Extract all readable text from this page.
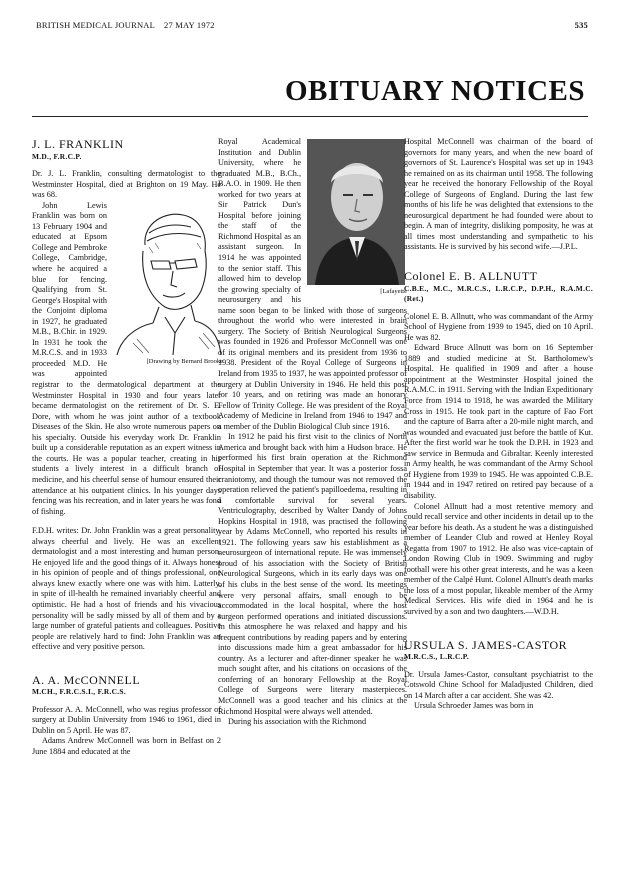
BRITISH MEDICAL JOURNAL    27 MAY 1972	535
OBITUARY NOTICES
J. L. FRANKLIN
M.D., F.R.C.P.

Dr. J. L. Franklin, consulting dermatologist to the Westminster Hospital, died at Brighton on 19 May. He was 68.

[Drawing by Bernard Brooke

John Lewis Franklin was born on 13 February 1904 and educated at Epsom College and Pembroke College, Cambridge, where he acquired a blue for fencing. Qualifying from St. George's Hospital with the Conjoint diploma in 1927, he graduated M.B., B.Chir. in 1929. In 1931 he took the M.R.C.S. and in 1933 proceeded M.D. He was appointed registrar to the dermatological department at the Westminster Hospital in 1930 and four years later became dermatologist on the retirement of Dr. S. E. Dore, with whom he was joint author of a textbook Diseases of the Skin. He also wrote numerous papers on his specialty. Outside his everyday work Dr. Franklin built up a considerable reputation as an expert witness in the courts. He was a popular teacher, creating in his students a lively interest in a difficult branch of medicine, and his cheerful sense of humour ensured their attendance at his outpatient clinics. In his younger days fencing was his recreation, and in later years he was fond of fishing.

F.D.H. writes: Dr. John Franklin was a great personality, always cheerful and lively. He was an excellent dermatologist and a most interesting and human person. He enjoyed life and the good things of it. Always honest in his opinion of people and of things professional, one always knew exactly where one was with him. Latterly, in spite of ill-health he remained invariably cheerful and optimistic. He had a host of friends and his vivacious personality will be sadly missed by all of them and by a large number of grateful patients and colleagues. Positive people are relatively hard to find: John Franklin was an effective and very positive person.

A. A. McCONNELL
M.CH., F.R.C.S.I., F.R.C.S.

Professor A. A. McConnell, who was regius professor of surgery at Dublin University from 1946 to 1961, died in Dublin on 5 April. He was 87.

Adams Andrew McConnell was born in Belfast on 2 June 1884 and educated at the

[Lafayette

Royal Academical Institution and Dublin University, where he graduated M.B., B.Ch., B.A.O. in 1909. He then worked for two years at Sir Patrick Dun's Hospital before joining the staff of the Richmond Hospital as an assistant surgeon. In 1914 he was appointed to the senior staff. This allowed him to develop the growing specialty of neurosurgery and his name soon began to be linked with those of surgeons throughout the world who were interested in brain surgery. The Society of British Neurological Surgeons was founded in 1926 and Professor McConnell was one of its original members and its president from 1936 to 1938. President of the Royal College of Surgeons in Ireland from 1935 to 1937, he was appointed professor of surgery at Dublin University in 1946. He held this post for 10 years, and on retiring was made an honorary Fellow of Trinity College. He was president of the Royal Academy of Medicine in Ireland from 1946 to 1947 and a member of the Dublin Biological Club since 1916.

In 1912 he paid his first visit to the clinics of North America and brought back with him a Hudson brace. He performed his first brain operation at the Richmond Hospital in September that year. It was a posterior fossa craniotomy, and though the tumour was not removed the operation relieved the patient's papilloedema, resulting in a comfortable survival for several years. Ventriculography, described by Walter Dandy of Johns Hopkins Hospital in 1918, was practised the following year by Adams McConnell, who reported his results in 1921. The following years saw his establishment as a neurosurgeon of international repute. He was immensely proud of his association with the Society of British Neurological Surgeons, which in its early days was one of his clubs in the best sense of the word. Its meetings were very personal affairs, small enough to be accommodated in the local hospital, where the host surgeon performed operations and initiated discussions. In this atmosphere he was relaxed and happy and his frequent contributions by reading papers and by entering into discussions made him a great ambassador for his country. As a lecturer and after-dinner speaker he was much sought after, and his citations on occasions of the conferring of an honorary Fellowship at the Royal College of Surgeons were literary masterpieces. McConnell was a good teacher and his clinics at the Richmond Hospital were always well attended.

During his association with the Richmond

Hospital McConnell was chairman of the board of governors for many years, and when the new board of governors of St. Laurence's Hospital was set up in 1943 he remained on as its chairman until 1958. The following year he received the honorary Fellowship of the Royal College of Surgeons of England. During the last few months of his life he was delighted that extensions to the neurosurgical department he had founded were about to begin. A man of integrity, disliking pomposity, he was at all times most understanding and sympathetic to his assistants. He is survived by his second wife.—J.P.L.

Colonel E. B. ALLNUTT
C.B.E., M.C., M.R.C.S., L.R.C.P., D.P.H., R.A.M.C.(Ret.)

Colonel E. B. Allnutt, who was commandant of the Army School of Hygiene from 1939 to 1945, died on 10 April. He was 82.

Edward Bruce Allnutt was born on 16 September 1889 and studied medicine at St. Bartholomew's Hospital. He qualified in 1909 and after a house appointment at the Westminster Hospital joined the R.A.M.C. in 1911. Serving with the Indian Expeditionary Force from 1914 to 1918, he was awarded the Military Cross in 1915. He took part in the capture of Fao Fort and the capture of Barra after a 20-mile night march, and was wounded and evacuated just before the battle of Kut. After the first world war he took the D.P.H. in 1923 and saw service in Bermuda and Gibraltar. Keenly interested in Army health, he was commandant of the Army School of Hygiene from 1939 to 1945. He was appointed C.B.E. in 1944 and in 1947 retired on retired pay because of a disability.

Colonel Allnutt had a most retentive memory and could recall service and other incidents in detail up to the year before his death. As a student he was a distinguished member of Leander Club and rowed at Henley Royal Regatta from 1907 to 1912. He also was vice-captain of London Rowing Club in 1909. Swimming and rugby football were his other great interests, and he was a keen member of the Calpé Hunt. Colonel Allnutt's death marks the loss of a most popular, likeable member of the Army Medical Services. His wife died in 1964 and he is survived by a son and two daughters.—W.D.H.

URSULA S. JAMES-CASTOR
M.R.C.S., L.R.C.P.

Dr. Ursula James-Castor, consultant psychiatrist to the Cotswold Chine School for Maladjusted Children, died on 14 March after a car accident. She was 42.

Ursula Schroeder James was born in
